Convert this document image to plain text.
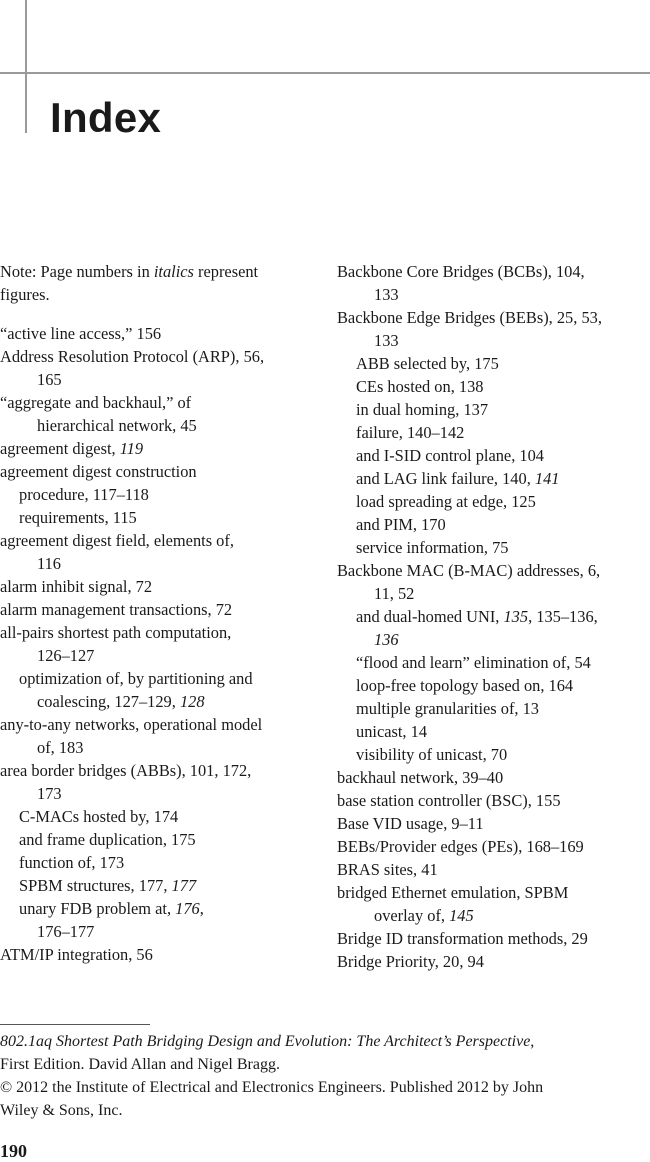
Index
Note: Page numbers in italics represent
figures.
“active line access,” 156
Address Resolution Protocol (ARP), 56,
165
“aggregate and backhaul,” of
hierarchical network, 45
agreement digest, 119
agreement digest construction
procedure, 117–118
requirements, 115
agreement digest field, elements of,
116
alarm inhibit signal, 72
alarm management transactions, 72
all-pairs shortest path computation,
126–127
optimization of, by partitioning and
coalescing, 127–129, 128
any-to-any networks, operational model
of, 183
area border bridges (ABBs), 101, 172,
173
C-MACs hosted by, 174
and frame duplication, 175
function of, 173
SPBM structures, 177, 177
unary FDB problem at, 176,
176–177
ATM/IP integration, 56
Backbone Core Bridges (BCBs), 104,
133
Backbone Edge Bridges (BEBs), 25, 53,
133
ABB selected by, 175
CEs hosted on, 138
in dual homing, 137
failure, 140–142
and I-SID control plane, 104
and LAG link failure, 140, 141
load spreading at edge, 125
and PIM, 170
service information, 75
Backbone MAC (B-MAC) addresses, 6,
11, 52
and dual-homed UNI, 135, 135–136,
136
“flood and learn” elimination of, 54
loop-free topology based on, 164
multiple granularities of, 13
unicast, 14
visibility of unicast, 70
backhaul network, 39–40
base station controller (BSC), 155
Base VID usage, 9–11
BEBs/Provider edges (PEs), 168–169
BRAS sites, 41
bridged Ethernet emulation, SPBM
overlay of, 145
Bridge ID transformation methods, 29
Bridge Priority, 20, 94
802.1aq Shortest Path Bridging Design and Evolution: The Architect’s Perspective,
First Edition. David Allan and Nigel Bragg.
© 2012 the Institute of Electrical and Electronics Engineers. Published 2012 by John
Wiley & Sons, Inc.
190
